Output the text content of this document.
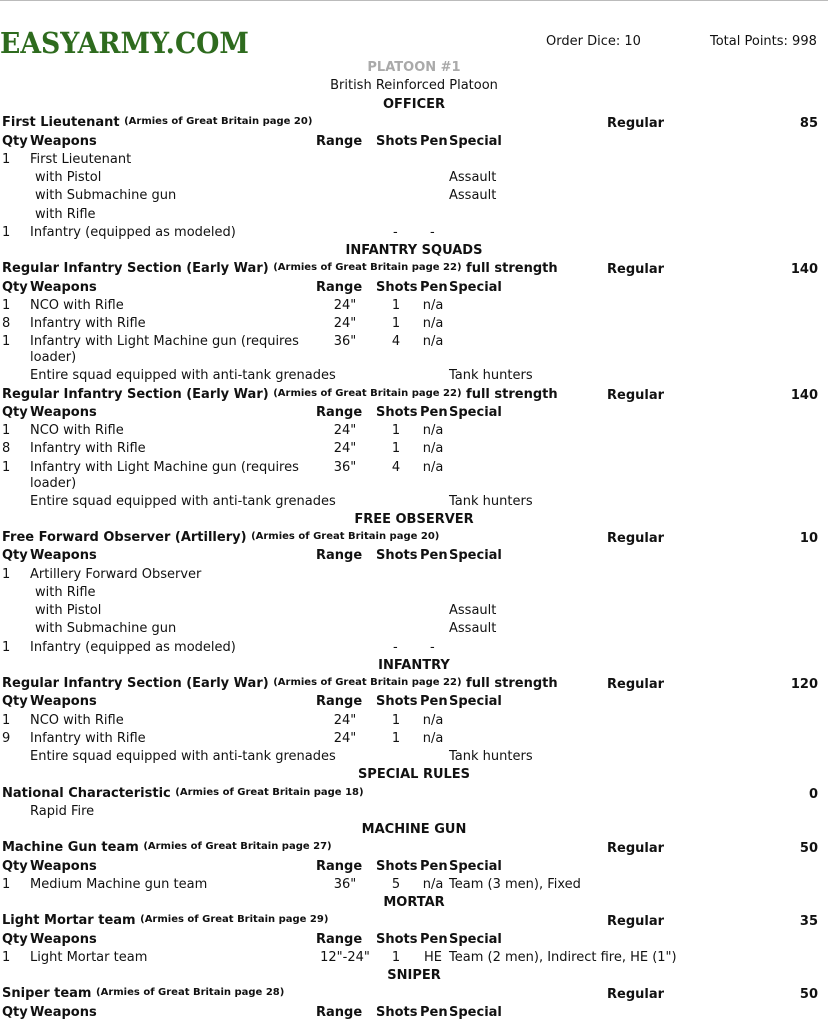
EASYARMY.COM	Order Dice: 10	Total Points: 998
PLATOON #1
British Reinforced Platoon
OFFICER
First Lieutenant (Armies of Great Britain page 20)	Regular	85
Qty Weapons	Range Shots Pen Special
1 First Lieutenant
with Pistol	Assault
with Submachine gun	Assault
with Rifle
1 Infantry (equipped as modeled)	- -
INFANTRY SQUADS
Regular Infantry Section (Early War) (Armies of Great Britain page 22) full strength	Regular	140
Qty Weapons	Range Shots Pen Special
1 NCO with Rifle	24"	1	n/a
8 Infantry with Rifle	24"	1	n/a
1 Infantry with Light Machine gun (requires loader)
36"	4	n/a
Entire squad equipped with anti-tank grenades	Tank hunters
Regular Infantry Section (Early War) (Armies of Great Britain page 22) full strength	Regular	140
Qty Weapons	Range Shots Pen Special
1 NCO with Rifle	24"	1	n/a
8 Infantry with Rifle	24"	1	n/a
1 Infantry with Light Machine gun (requires loader)
36"	4	n/a
Entire squad equipped with anti-tank grenades	Tank hunters
FREE OBSERVER
Free Forward Observer (Artillery) (Armies of Great Britain page 20)	Regular	10
Qty Weapons	Range Shots Pen Special
1 Artillery Forward Observer
with Rifle
with Pistol	Assault
with Submachine gun	Assault
1 Infantry (equipped as modeled)	- -
INFANTRY
Regular Infantry Section (Early War) (Armies of Great Britain page 22) full strength	Regular	120
Qty Weapons	Range Shots Pen Special
1 NCO with Rifle	24"	1	n/a
9 Infantry with Rifle	24"	1	n/a
Entire squad equipped with anti-tank grenades	Tank hunters
SPECIAL RULES
National Characteristic (Armies of Great Britain page 18)	0
Rapid Fire
MACHINE GUN
Machine Gun team (Armies of Great Britain page 27)	Regular	50
Qty Weapons	Range Shots Pen Special
1 Medium Machine gun team	36"	5	n/a Team (3 men), Fixed
MORTAR
Light Mortar team (Armies of Great Britain page 29)	Regular	35
Qty Weapons	Range Shots Pen Special
1 Light Mortar team	12"-24"	1	HE Team (2 men), Indirect fire, HE (1")
SNIPER
Sniper team (Armies of Great Britain page 28)	Regular	50
Qty Weapons	Range Shots Pen Special
